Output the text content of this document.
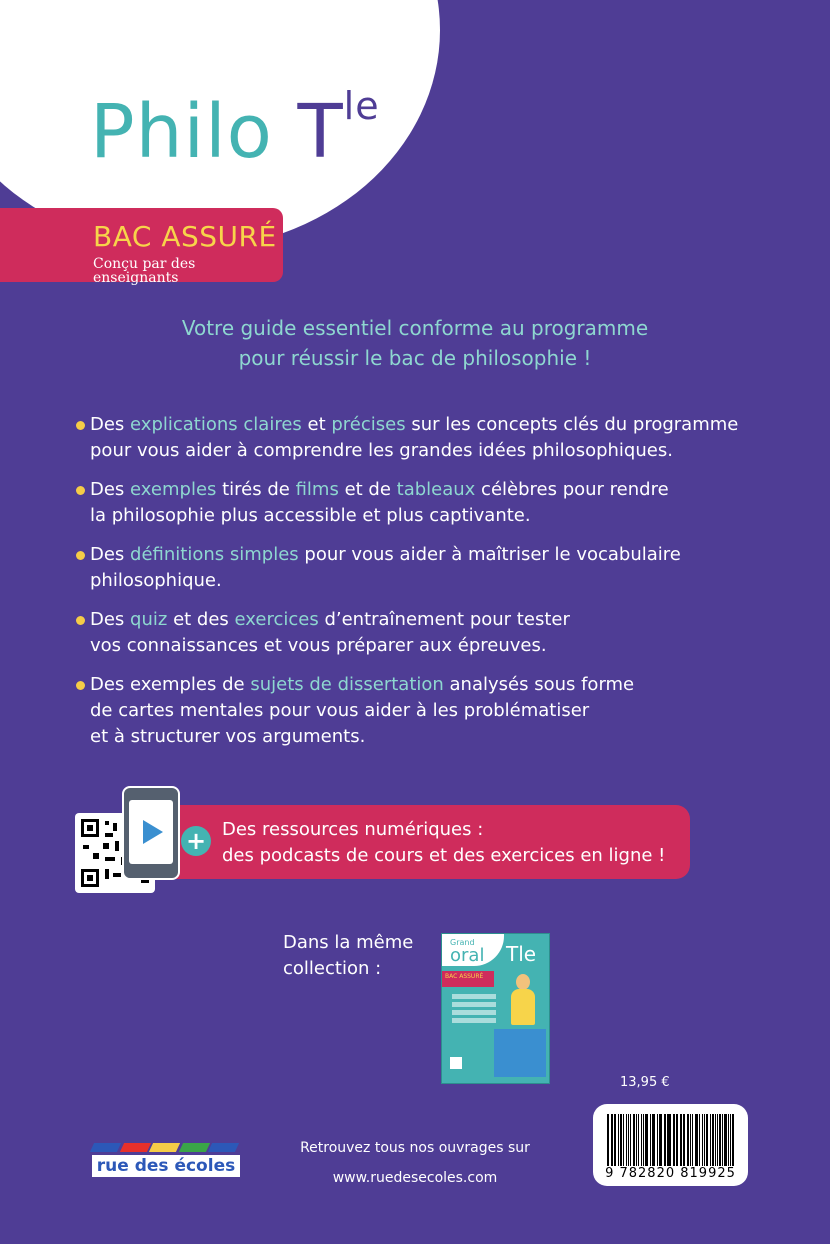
Philo $T^{le}$
BAC ASSURÉ
Conçu par des enseignants
Votre guide essentiel conforme au programme
pour réussir le bac de philosophie !
Des explications claires et précises sur les concepts clés du programme
pour vous aider à comprendre les grandes idées philosophiques.
Des exemples tirés de films et de tableaux célèbres pour rendre
la philosophie plus accessible et plus captivante.
Des définitions simples pour vous aider à maîtriser le vocabulaire
philosophique.
Des quiz et des exercices d’entraînement pour tester
vos connaissances et vous préparer aux épreuves.
Des exemples de sujets de dissertation analysés sous forme
de cartes mentales pour vous aider à les problématiser
et à structurer vos arguments.
Des ressources numériques :
des podcasts de cours et des exercices en ligne !
+
Dans la même
collection :
Grand
oral Tle
BAC ASSURÉ
13,95 €
9 782820 819925
rue des écoles
Retrouvez tous nos ouvrages sur
www.ruedesecoles.com
